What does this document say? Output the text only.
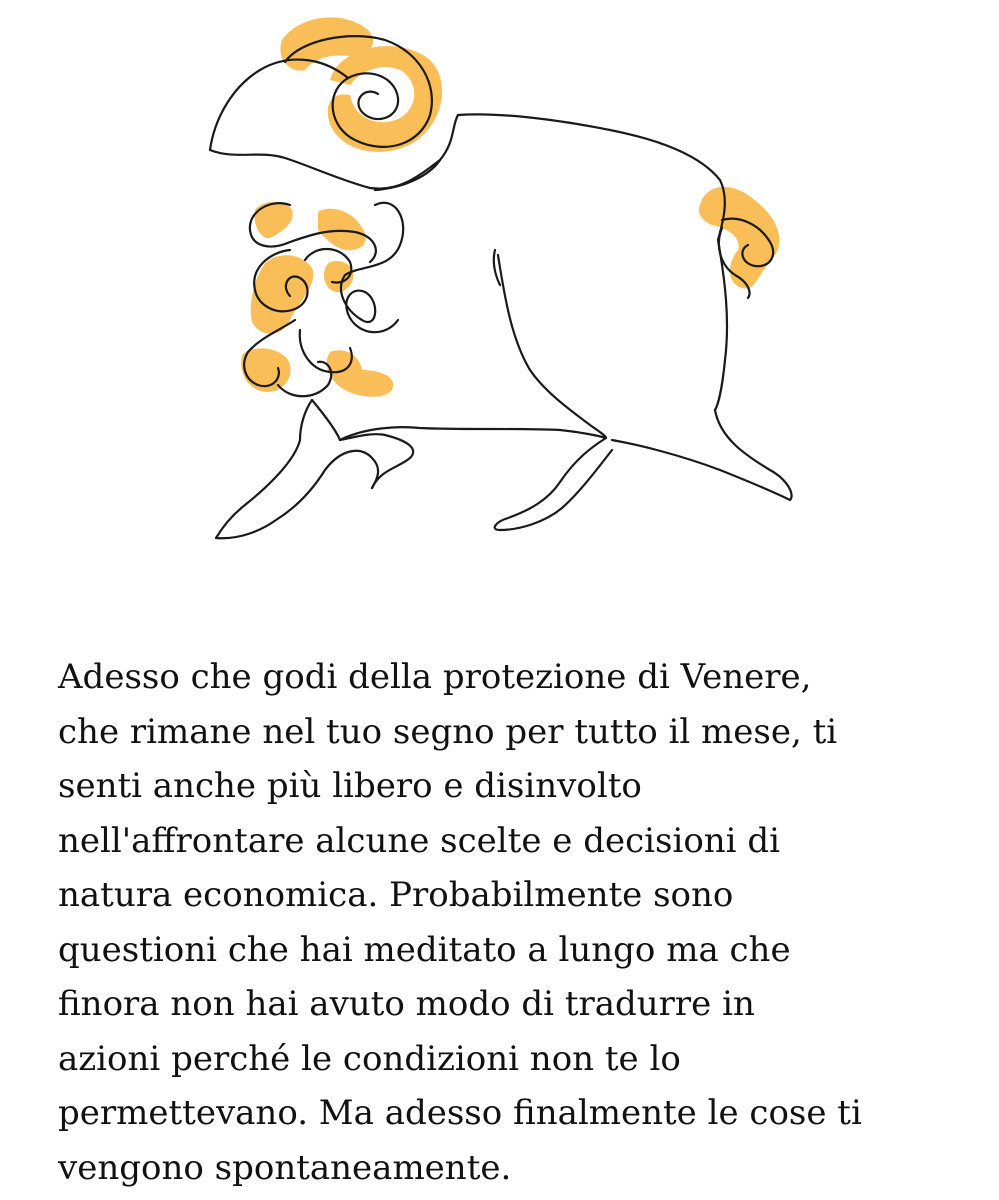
Adesso che godi della protezione di Venere,
che rimane nel tuo segno per tutto il mese, ti
senti anche più libero e disinvolto
nell'affrontare alcune scelte e decisioni di
natura economica. Probabilmente sono
questioni che hai meditato a lungo ma che
finora non hai avuto modo di tradurre in
azioni perché le condizioni non te lo
permettevano. Ma adesso finalmente le cose ti
vengono spontaneamente.
